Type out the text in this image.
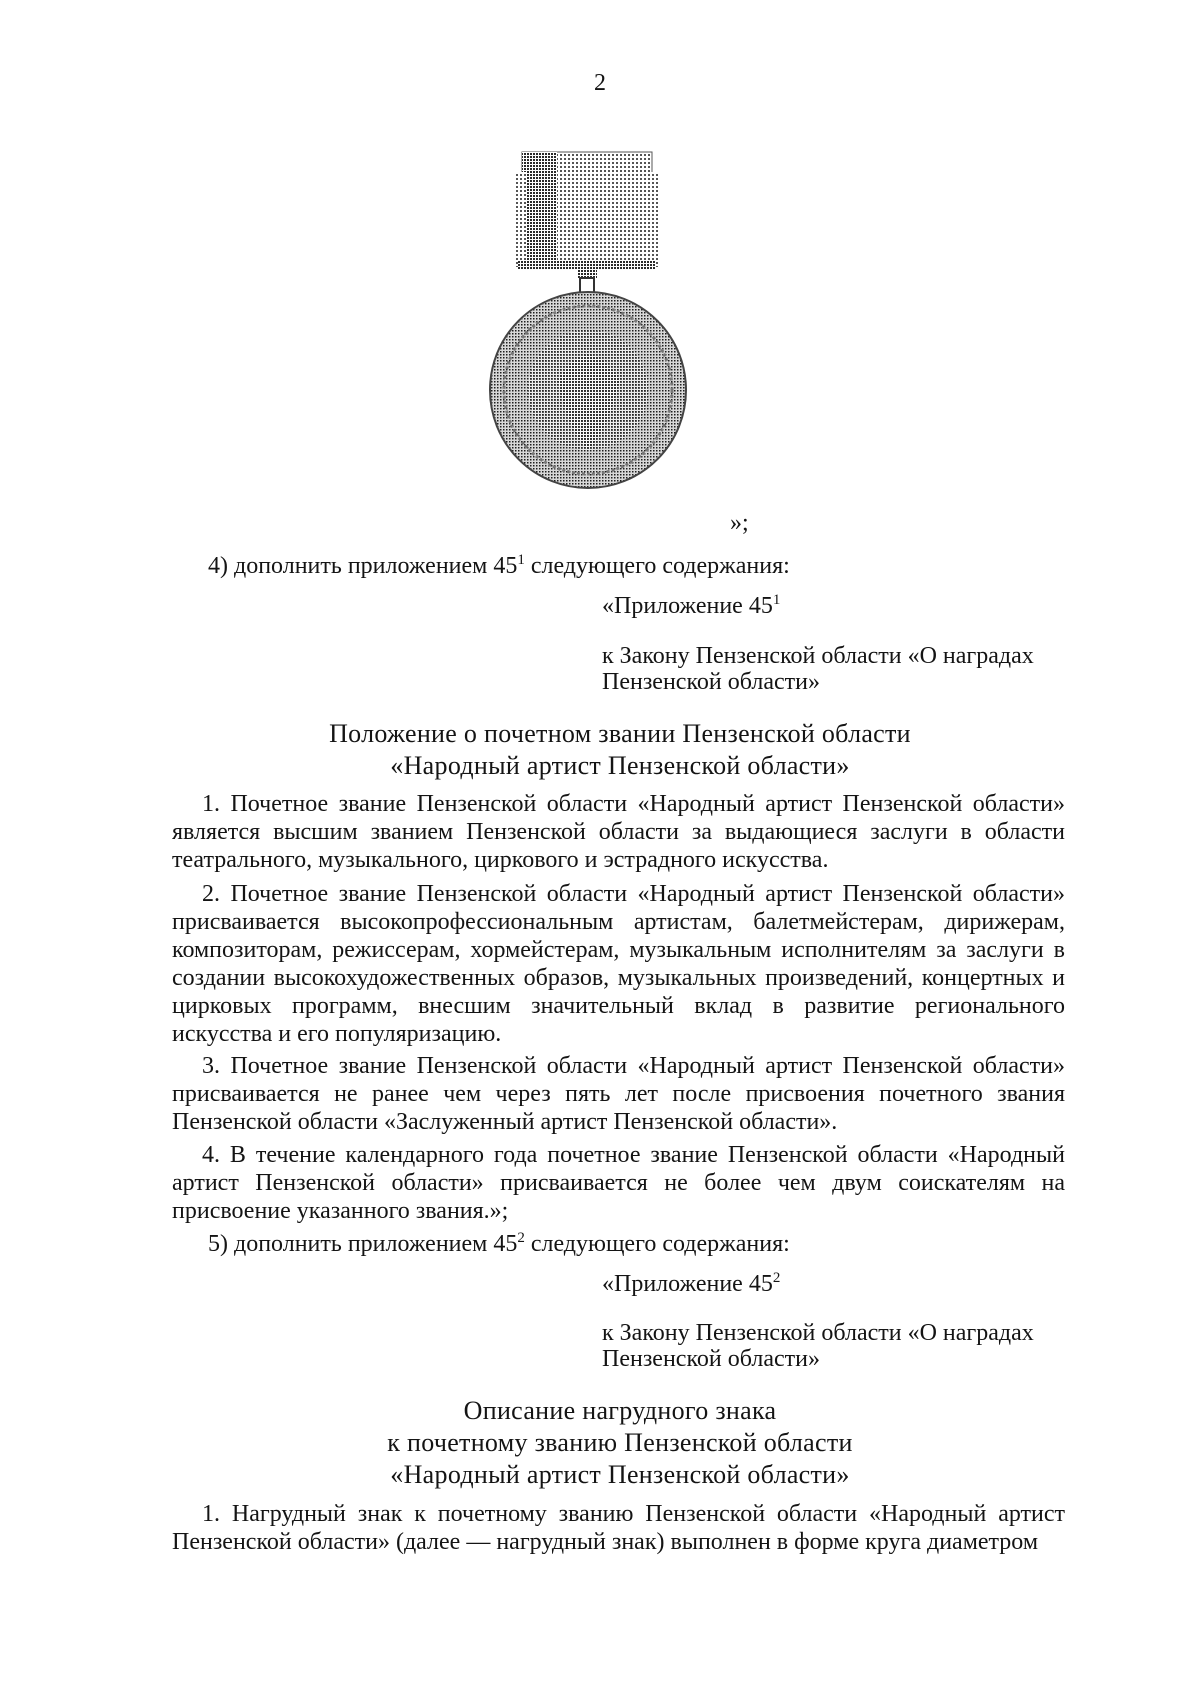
2
»;
4) дополнить приложением $45^1$ следующего содержания:
«Приложение $45^1$
к Закону Пензенской области «О наградах
Пензенской области»
Положение о почетном звании Пензенской области
«Народный артист Пензенской области»

1. Почетное звание Пензенской области «Народный артист Пензенской области» является высшим званием Пензенской области за выдающиеся заслуги в области театрального, музыкального, циркового и эстрадного искусства.

2. Почетное звание Пензенской области «Народный артист Пензенской области» присваивается высокопрофессиональным артистам, балетмейстерам, дирижерам, композиторам, режиссерам, хормейстерам, музыкальным исполнителям за заслуги в создании высокохудожественных образов, музыкальных произведений, концертных и цирковых программ, внесшим значительный вклад в развитие регионального искусства и его популяризацию.

3. Почетное звание Пензенской области «Народный артист Пензенской области» присваивается не ранее чем через пять лет после присвоения почетного звания Пензенской области «Заслуженный артист Пензенской области».

4. В течение календарного года почетное звание Пензенской области «Народный артист Пензенской области» присваивается не более чем двум соискателям на присвоение указанного звания.»;

5) дополнить приложением $45^2$ следующего содержания:
«Приложение $45^2$
к Закону Пензенской области «О наградах
Пензенской области»
Описание нагрудного знака
к почетному званию Пензенской области
«Народный артист Пензенской области»

1. Нагрудный знак к почетному званию Пензенской области «Народный артист Пензенской области» (далее — нагрудный знак) выполнен в форме круга диаметром
